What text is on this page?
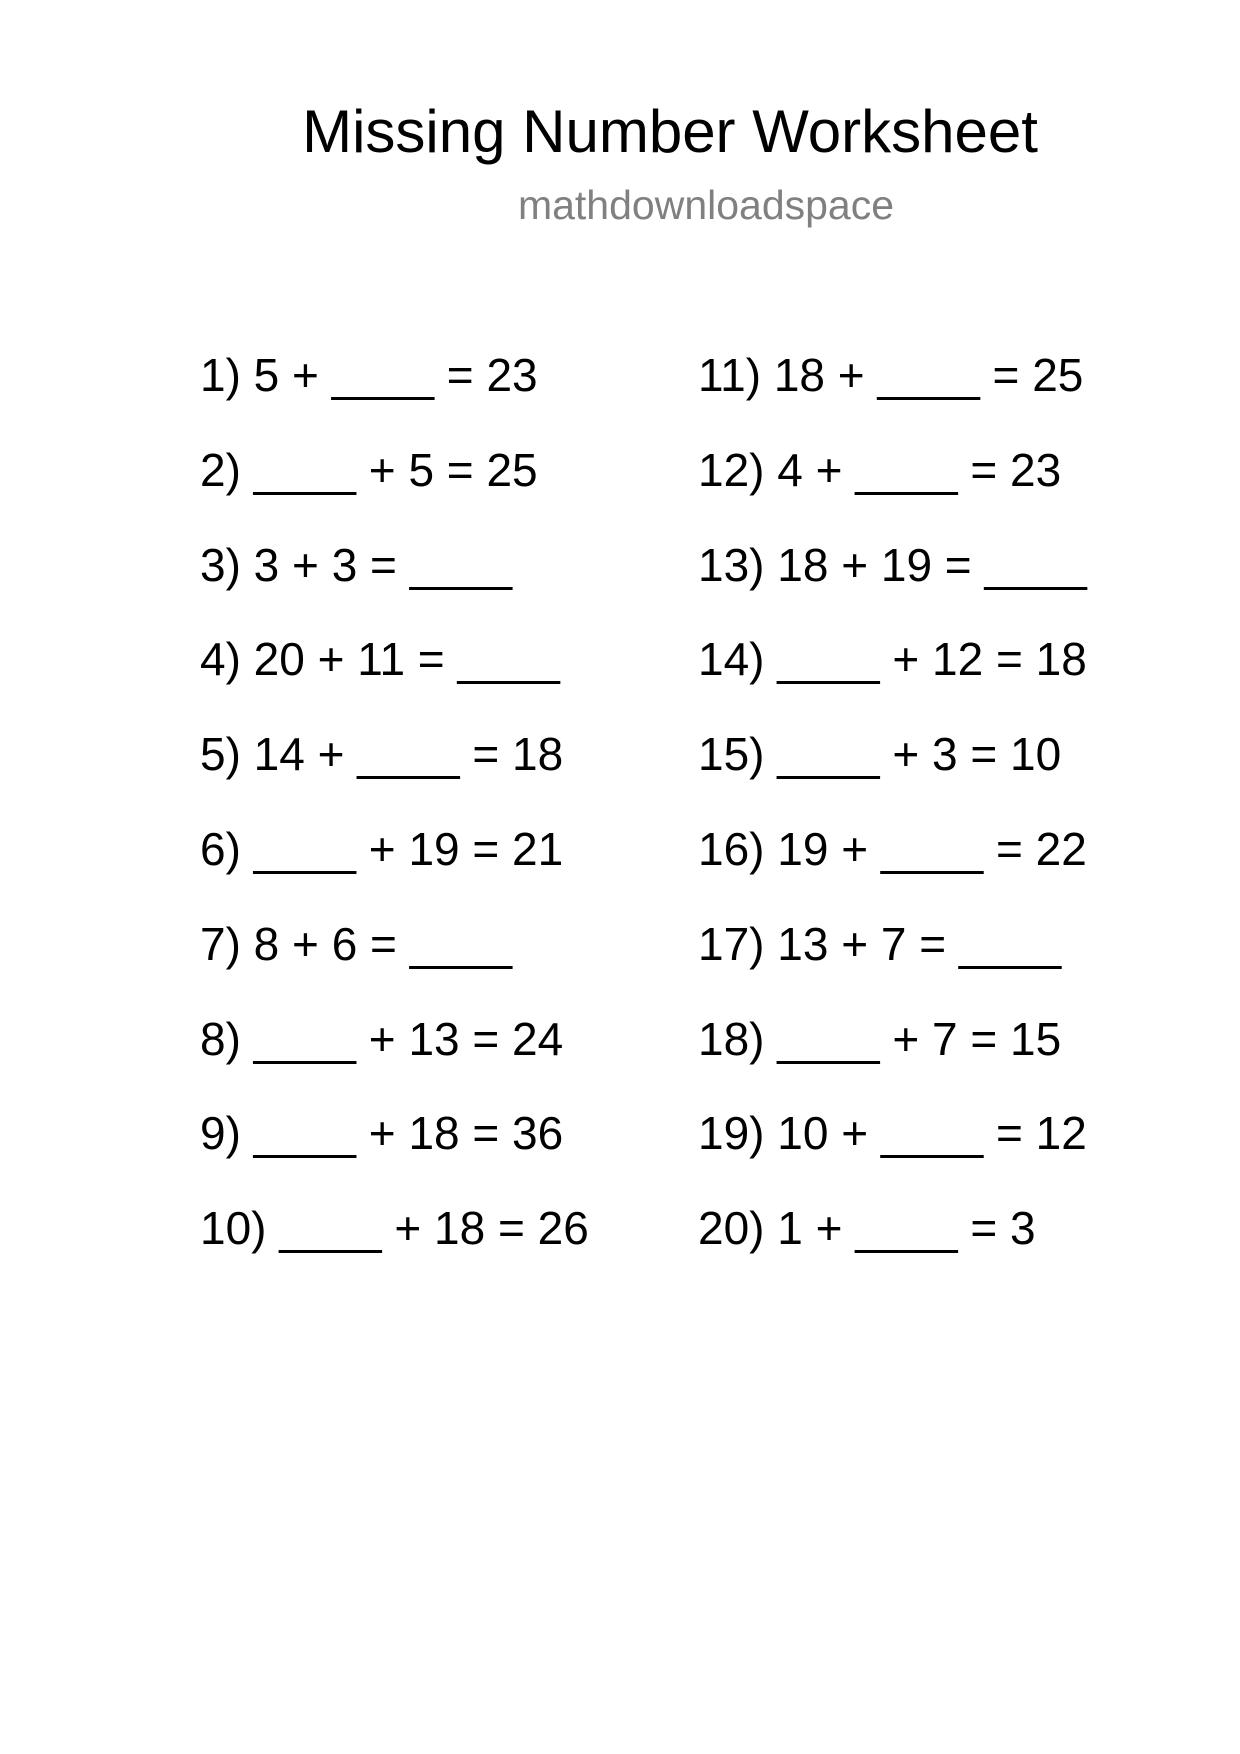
Missing Number Worksheet
mathdownloadspace
1) 5 + ____ = 23
2) ____ + 5 = 25
3) 3 + 3 = ____
4) 20 + 11 = ____
5) 14 + ____ = 18
6) ____ + 19 = 21
7) 8 + 6 = ____
8) ____ + 13 = 24
9) ____ + 18 = 36
10) ____ + 18 = 26
11) 18 + ____ = 25
12) 4 + ____ = 23
13) 18 + 19 = ____
14) ____ + 12 = 18
15) ____ + 3 = 10
16) 19 + ____ = 22
17) 13 + 7 = ____
18) ____ + 7 = 15
19) 10 + ____ = 12
20) 1 + ____ = 3
